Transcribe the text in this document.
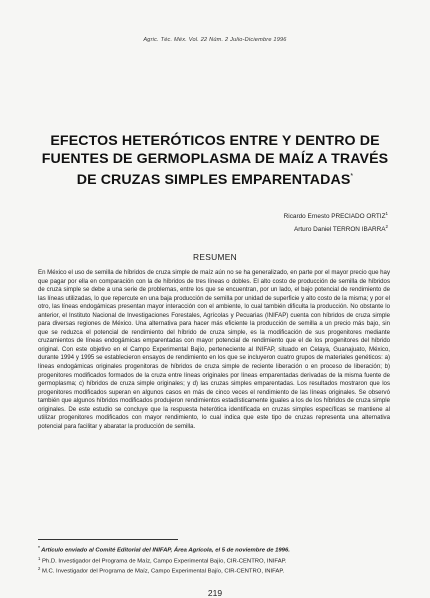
Agric. Téc. Méx. Vol. 22 Núm. 2 Julio-Diciembre 1996
EFECTOS HETERÓTICOS ENTRE Y DENTRO DE
FUENTES DE GERMOPLASMA DE MAÍZ A TRAVÉS
DE CRUZAS SIMPLES EMPARENTADAS*
Ricardo Ernesto PRECIADO ORTIZ$^1$
Arturo Daniel TERRON IBARRA$^2$
RESUMEN

En México el uso de semilla de híbridos de cruza simple de maíz aún no se ha generalizado, en parte por el mayor precio que hay que pagar por ella en comparación con la de híbridos de tres líneas o dobles. El alto costo de producción de semilla de híbridos de cruza simple se debe a una serie de problemas, entre los que se encuentran, por un lado, el bajo potencial de rendimiento de las líneas utilizadas, lo que repercute en una baja producción de semilla por unidad de superficie y alto costo de la misma; y por el otro, las líneas endogámicas presentan mayor interacción con el ambiente, lo cual también dificulta la producción. No obstante lo anterior, el Instituto Nacional de Investigaciones Forestales, Agrícolas y Pecuarias (INIFAP) cuenta con híbridos de cruza simple para diversas regiones de México. Una alternativa para hacer más eficiente la producción de semilla a un precio más bajo, sin que se reduzca el potencial de rendimiento del híbrido de cruza simple, es la modificación de sus progenitores mediante cruzamientos de líneas endogámicas emparentadas con mayor potencial de rendimiento que el de los progenitores del híbrido original. Con este objetivo en el Campo Experimental Bajío, perteneciente al INIFAP, situado en Celaya, Guanajuato, México, durante 1994 y 1995 se establecieron ensayos de rendimiento en los que se incluyeron cuatro grupos de materiales genéticos: a) líneas endogámicas originales progenitoras de híbridos de cruza simple de reciente liberación o en proceso de liberación; b) progenitores modificados formados de la cruza entre líneas originales por líneas emparentadas derivadas de la misma fuente de germoplasma; c) híbridos de cruza simple originales; y d) las cruzas simples emparentadas. Los resultados mostraron que los progenitores modificados superan en algunos casos en más de cinco veces el rendimiento de las líneas originales. Se observó también que algunos híbridos modificados produjeron rendimientos estadísticamente iguales a los de los híbridos de cruza simple originales. De este estudio se concluye que la respuesta heterótica identificada en cruzas simples específicas se mantiene al utilizar progenitores modificados con mayor rendimiento, lo cual indica que este tipo de cruzas representa una alternativa potencial para facilitar y abaratar la producción de semilla.

* Artículo enviado al Comité Editorial del INIFAP, Área Agrícola, el 5 de noviembre de 1996.
$^1$ Ph.D. Investigador del Programa de Maíz, Campo Experimental Bajío, CIR-CENTRO, INIFAP.
$^2$ M.C. Investigador del Programa de Maíz, Campo Experimental Bajío, CIR-CENTRO, INIFAP.
219
